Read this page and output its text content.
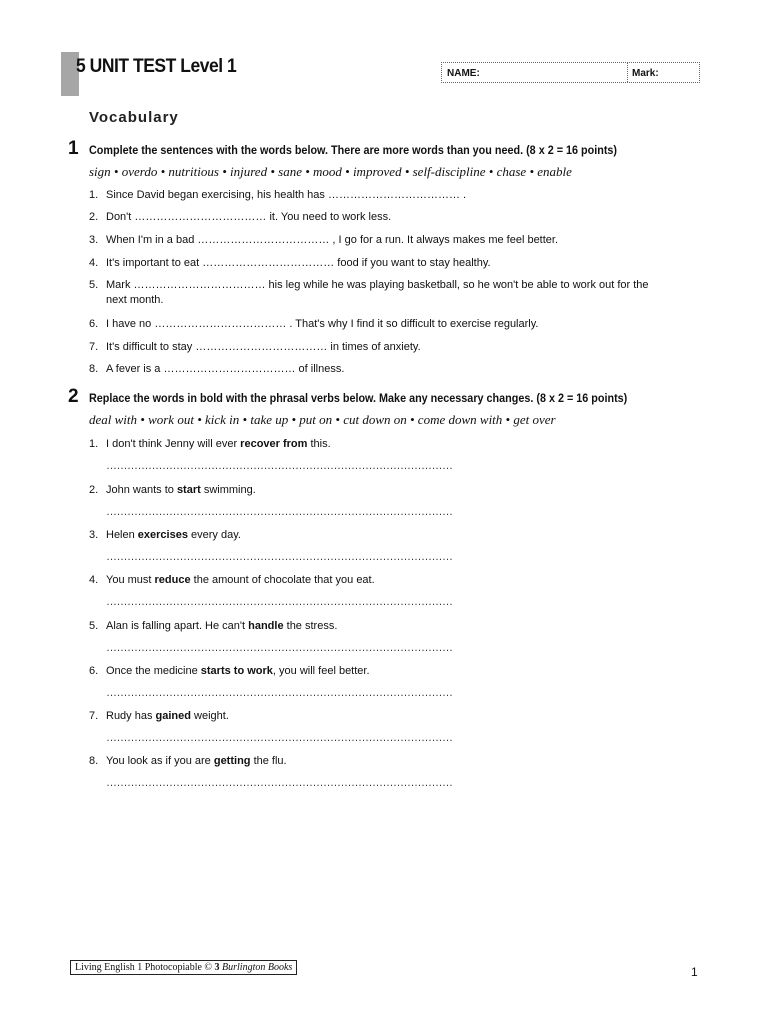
5 UNIT TEST Level 1	NAME:	Mark:
Vocabulary
1 Complete the sentences with the words below. There are more words than you need. (8 x 2 = 16 points)
sign • overdo • nutritious • injured • sane • mood • improved • self-discipline • chase • enable
1. Since David began exercising, his health has ……………………………… .
2. Don't ……………………………… it. You need to work less.
3. When I'm in a bad ……………………………… , I go for a run. It always makes me feel better.
4. It's important to eat ……………………………… food if you want to stay healthy.
5. Mark ……………………………… his leg while he was playing basketball, so he won't be able to work out for the
next month.
6. I have no ……………………………… . That's why I find it so difficult to exercise regularly.
7. It's difficult to stay ……………………………… in times of anxiety.
8. A fever is a ……………………………… of illness.
2 Replace the words in bold with the phrasal verbs below. Make any necessary changes. (8 x 2 = 16 points)
deal with • work out • kick in • take up • put on • cut down on • come down with • get over
1. I don't think Jenny will ever recover from this.
………………………………………………………………………………………
2. John wants to start swimming.
………………………………………………………………………………………
3. Helen exercises every day.
………………………………………………………………………………………
4. You must reduce the amount of chocolate that you eat.
………………………………………………………………………………………
5. Alan is falling apart. He can't handle the stress.
………………………………………………………………………………………
6. Once the medicine starts to work, you will feel better.
………………………………………………………………………………………
7. Rudy has gained weight.
………………………………………………………………………………………
8. You look as if you are getting the flu.
………………………………………………………………………………………
Living English 1 Photocopiable © 3 Burlington Books	1
